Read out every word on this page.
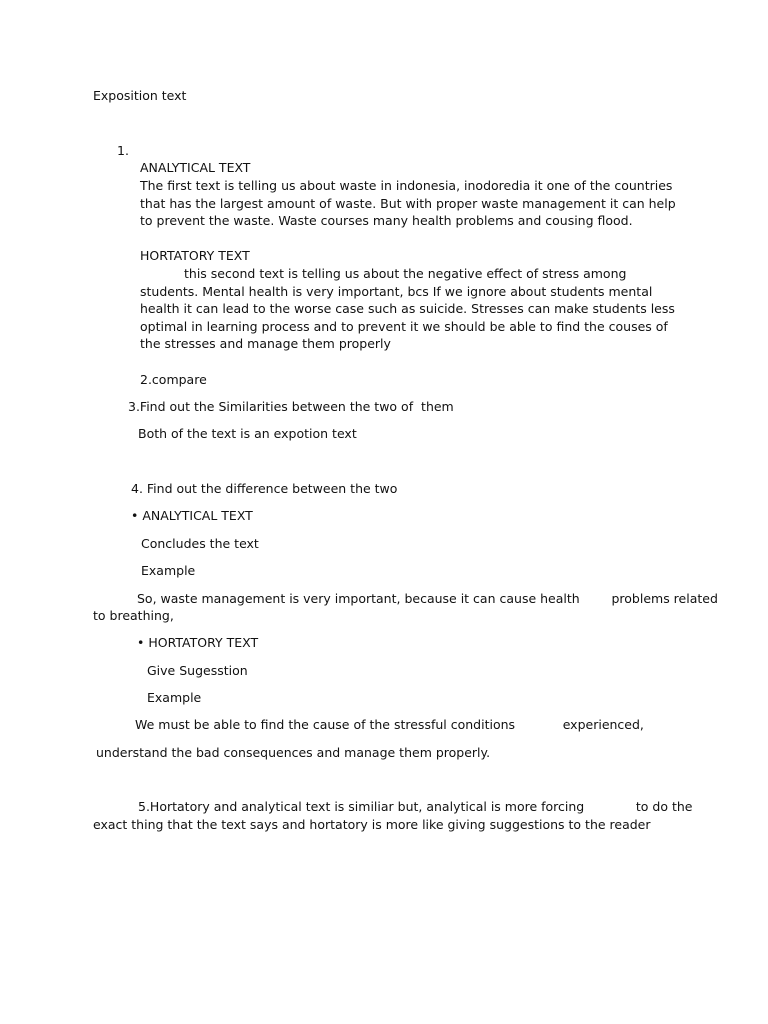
Exposition text

1.

ANALYTICAL TEXT

The first text is telling us about waste in indonesia, inodoredia it one of the countries that has the largest amount of waste. But with proper waste management it can help to prevent the waste. Waste courses many health problems and cousing flood.

HORTATORY TEXT

this second text is telling us about the negative effect of stress among students. Mental health is very important, bcs If we ignore about students mental health it can lead to the worse case such as suicide. Stresses can make students less optimal in learning process and to prevent it we should be able to find the couses of the stresses and manage them properly

2.compare

3.Find out the Similarities between the two of  them

Both of the text is an expotion text

4. Find out the difference between the two

• ANALYTICAL TEXT

Concludes the text

Example

So, waste management is very important, because it can cause health        problems related

to breathing,

• HORTATORY TEXT

Give Sugesstion

Example

We must be able to find the cause of the stressful conditions            experienced,

understand the bad consequences and manage them properly.

5.Hortatory and analytical text is similiar but, analytical is more forcing             to do the

exact thing that the text says and hortatory is more like giving suggestions to the reader
